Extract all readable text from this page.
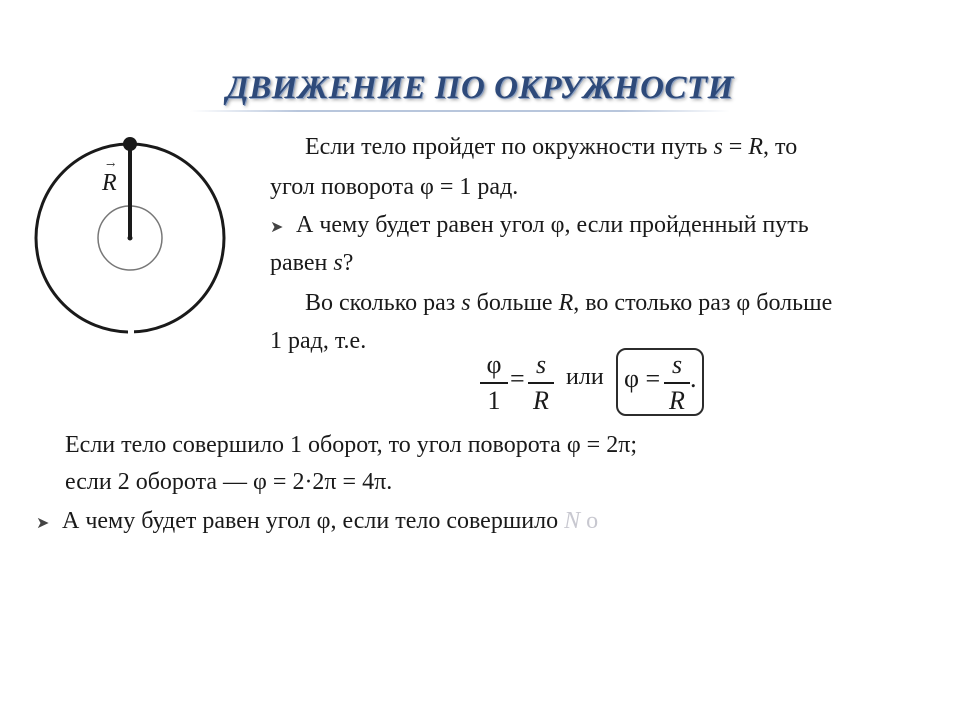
ДВИЖЕНИЕ ПО ОКРУЖНОСТИ
→
R
Если тело пройдет по окружности путь s = R, то
угол поворота φ = 1 рад.
➤ А чему будет равен угол φ, если пройденный путь
равен s?
Во сколько раз s больше R, во столько раз φ больше
1 рад, т.е.
φ
1
= s
R
или φ = s
R
.
Если тело совершило 1 оборот, то угол поворота φ = 2π;
если 2 оборота — φ = 2·2π = 4π.
➤ А чему будет равен угол φ, если тело совершило N о
